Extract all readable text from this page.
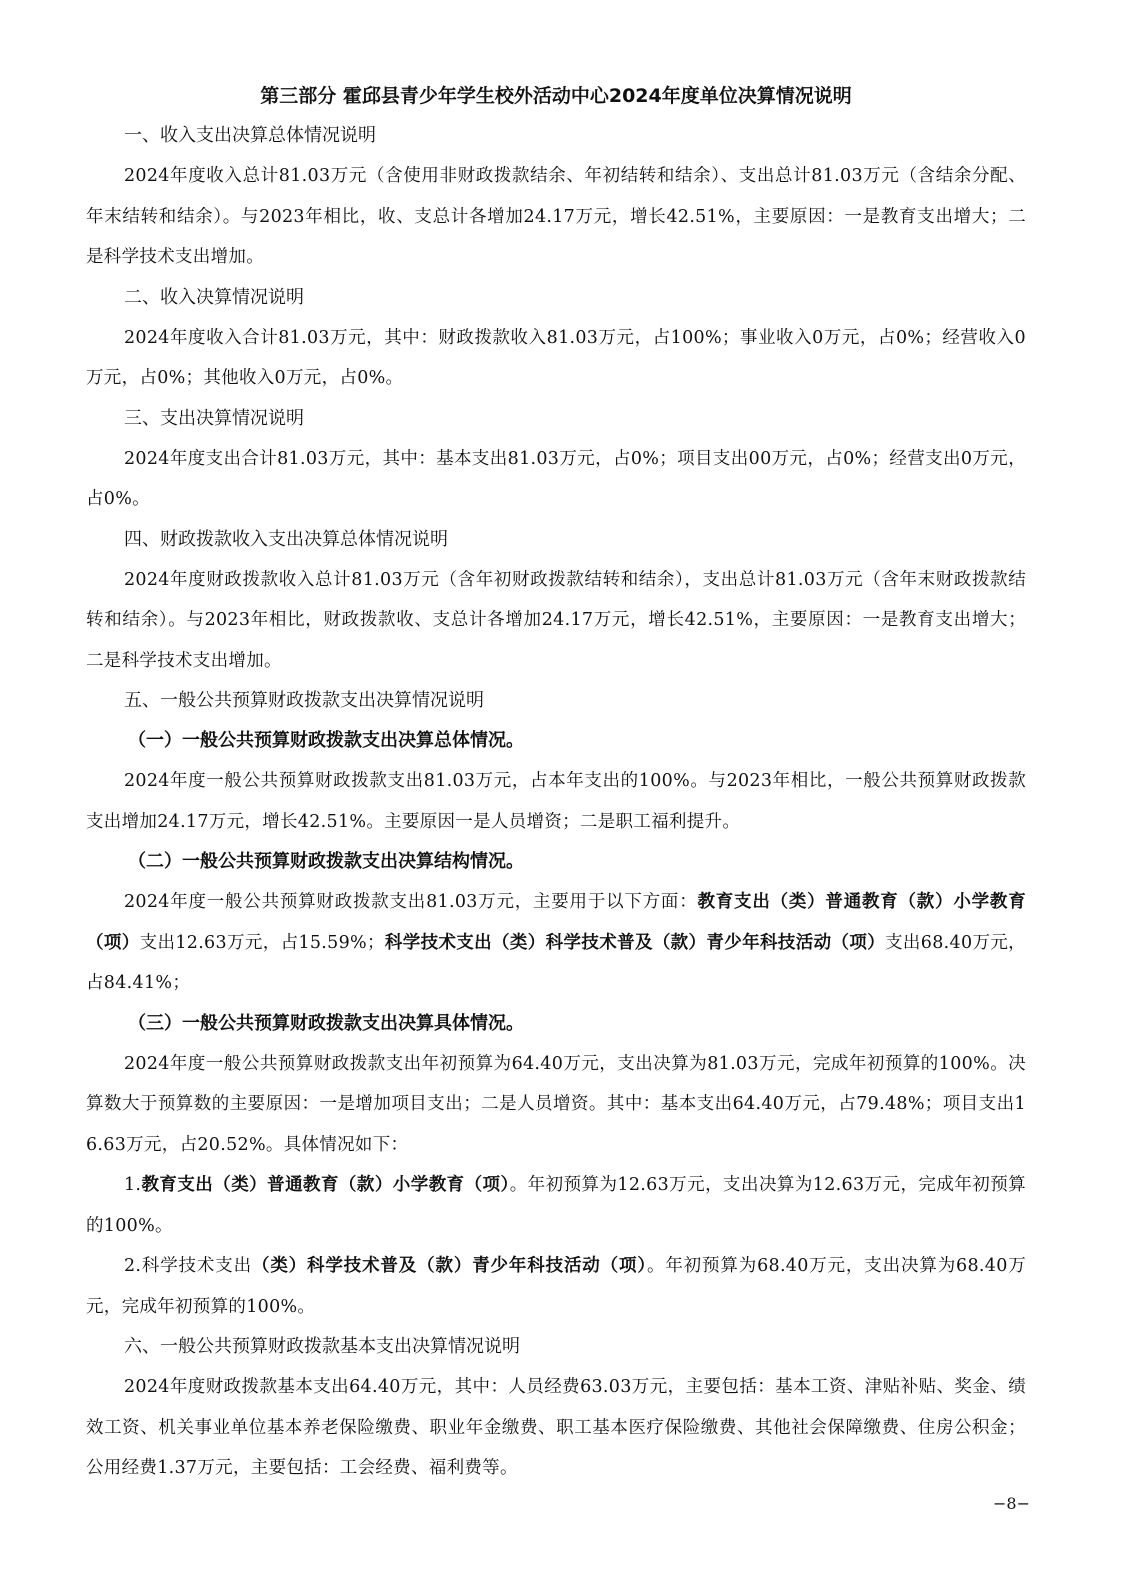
第三部分 霍邱县青少年学生校外活动中心2024年度单位决算情况说明
一、收入支出决算总体情况说明

2024年度收入总计81.03万元（含使用非财政拨款结余、年初结转和结余）、支出总计81.03万元（含结余分配、年末结转和结余）。与2023年相比，收、支总计各增加24.17万元，增长42.51%，主要原因：一是教育支出增大；二是科学技术支出增加。

二、收入决算情况说明

2024年度收入合计81.03万元，其中：财政拨款收入81.03万元，占100%；事业收入0万元，占0%；经营收入0万元，占0%；其他收入0万元，占0%。

三、支出决算情况说明

2024年度支出合计81.03万元，其中：基本支出81.03万元，占0%；项目支出00万元，占0%；经营支出0万元，占0%。

四、财政拨款收入支出决算总体情况说明

2024年度财政拨款收入总计81.03万元（含年初财政拨款结转和结余），支出总计81.03万元（含年末财政拨款结转和结余）。与2023年相比，财政拨款收、支总计各增加24.17万元，增长42.51%，主要原因：一是教育支出增大；二是科学技术支出增加。

五、一般公共预算财政拨款支出决算情况说明
（一）一般公共预算财政拨款支出决算总体情况。

2024年度一般公共预算财政拨款支出81.03万元，占本年支出的100%。与2023年相比，一般公共预算财政拨款支出增加24.17万元，增长42.51%。主要原因一是人员增资；二是职工福利提升。

（二）一般公共预算财政拨款支出决算结构情况。

2024年度一般公共预算财政拨款支出81.03万元，主要用于以下方面：教育支出（类）普通教育（款）小学教育（项）支出12.63万元，占15.59%；科学技术支出（类）科学技术普及（款）青少年科技活动（项）支出68.40万元，占84.41%；

（三）一般公共预算财政拨款支出决算具体情况。

2024年度一般公共预算财政拨款支出年初预算为64.40万元，支出决算为81.03万元，完成年初预算的100%。决算数大于预算数的主要原因：一是增加项目支出；二是人员增资。其中：基本支出64.40万元，占79.48%；项目支出16.63万元，占20.52%。具体情况如下：

1.教育支出（类）普通教育（款）小学教育（项）。年初预算为12.63万元，支出决算为12.63万元，完成年初预算的100%。

2.科学技术支出（类）科学技术普及（款）青少年科技活动（项）。年初预算为68.40万元，支出决算为68.40万元，完成年初预算的100%。

六、一般公共预算财政拨款基本支出决算情况说明

2024年度财政拨款基本支出64.40万元，其中：人员经费63.03万元，主要包括：基本工资、津贴补贴、奖金、绩效工资、机关事业单位基本养老保险缴费、职业年金缴费、职工基本医疗保险缴费、其他社会保障缴费、住房公积金；公用经费1.37万元，主要包括：工会经费、福利费等。

−8−
